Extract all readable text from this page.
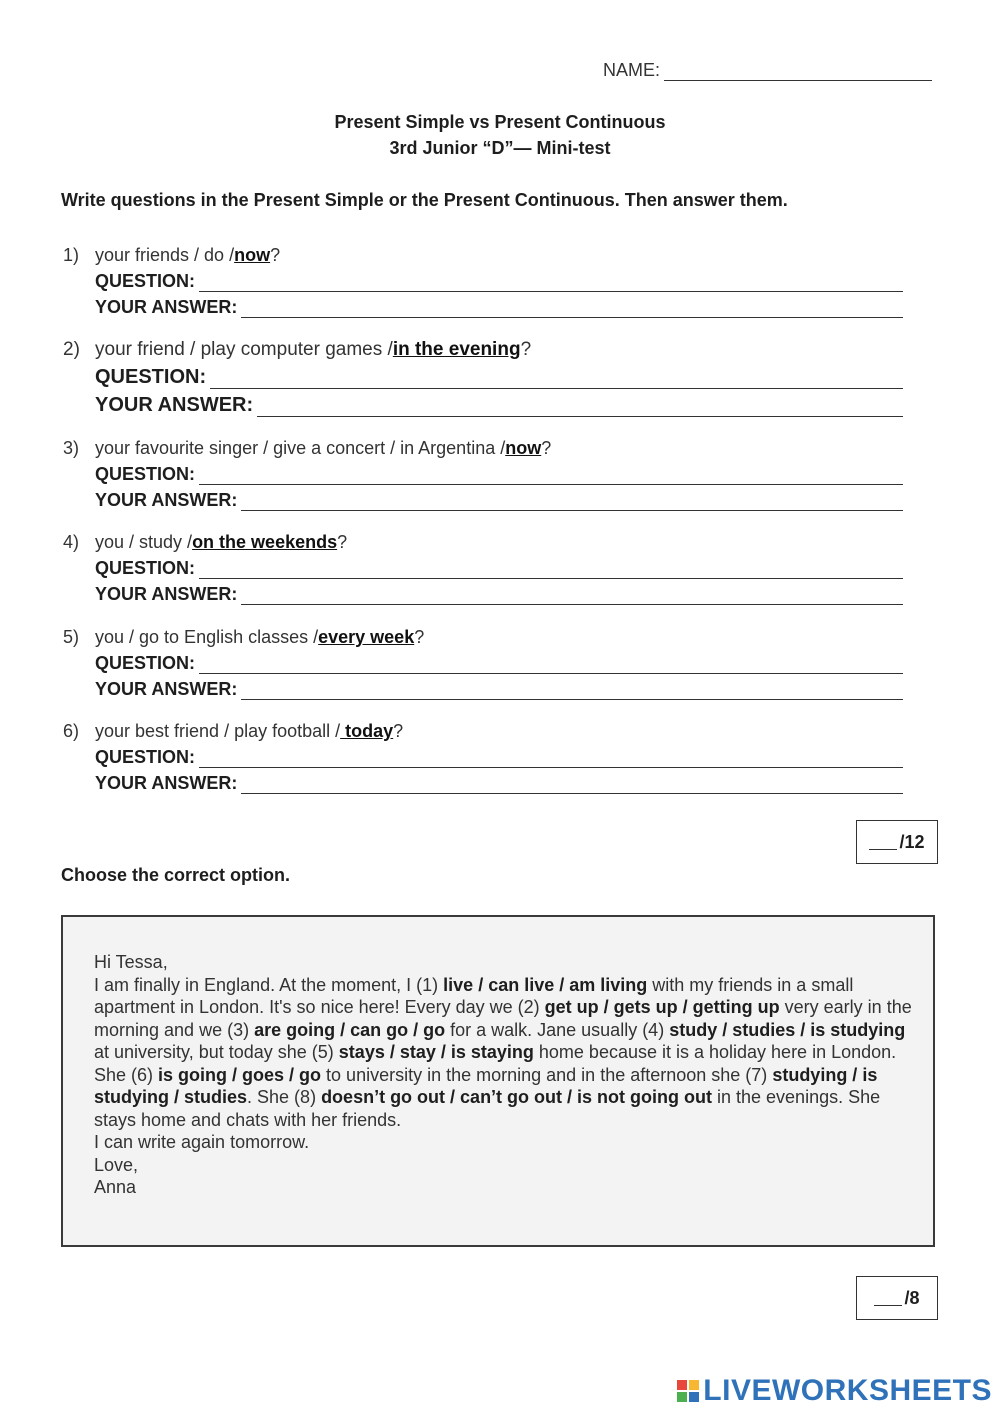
NAME:
Present Simple vs Present Continuous
3rd Junior “D”— Mini-test
Write questions in the Present Simple or the Present Continuous. Then answer them.
1) your friends / do / now ?
QUESTION:
YOUR ANSWER:
2) your friend / play computer games / in the evening ?
QUESTION:
YOUR ANSWER:
3) your favourite singer / give a concert / in Argentina / now ?
QUESTION:
YOUR ANSWER:
4) you / study / on the weekends ?
QUESTION:
YOUR ANSWER:
5) you / go to English classes / every week ?
QUESTION:
YOUR ANSWER:
6) your best friend / play football / today ?
QUESTION:
YOUR ANSWER:
/12
Choose the correct option.
Hi Tessa,
I am finally in England. At the moment, I (1) live / can live / am living with my friends in a small apartment in London. It's so nice here! Every day we (2) get up / gets up / getting up very early in the morning and we (3) are going / can go / go for a walk. Jane usually (4) study / studies / is studying at university, but today she (5) stays / stay / is staying home because it is a holiday here in London. She (6) is going / goes / go to university in the morning and in the afternoon she (7) studying / is studying / studies. She (8) doesn’t go out / can’t go out / is not going out in the evenings. She stays home and chats with her friends.
I can write again tomorrow.
Love,
Anna
/8
LIVEWORKSHEETS
